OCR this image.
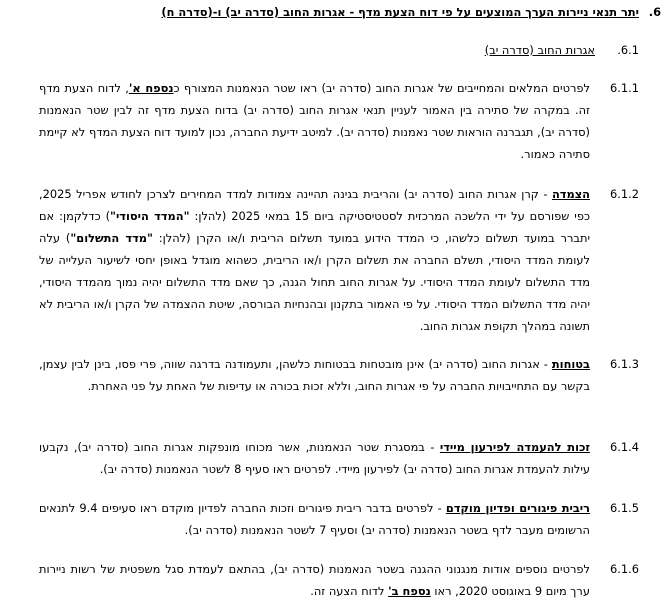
6.
יתר תנאי ניירות הערך המוצעים על פי דוח הצעת מדף - אגרות החוב (סדרה יב) ו-(סדרה ח)
6.1.
אגרות החוב (סדרה יב)
6.1.1
לפרטים המלאים והמחייבים של אגרות החוב (סדרה יב) ראו שטר הנאמנות המצורף כנספח א', לדוח הצעת מדף זה. במקרה של סתירה בין האמור לעניין תנאי אגרות החוב (סדרה יב) בדוח הצעת מדף זה לבין שטר הנאמנות (סדרה יב), תגברנה הוראות שטר נאמנות (סדרה יב). למיטב ידיעת החברה, נכון למועד דוח הצעת המדף לא קיימת סתירה כאמור.
6.1.2
הצמדה - קרן אגרות החוב (סדרה יב) והריבית בגינה תהיינה צמודות למדד המחירים לצרכן לחודש אפריל 2025, כפי שפורסם על ידי הלשכה המרכזית לסטטיסטיקה ביום 15 במאי 2025 (להלן: "המדד היסודי") כדלקמן: אם יתברר במועד תשלום כלשהו, כי המדד הידוע במועד תשלום הריבית ו/או הקרן (להלן: "מדד התשלום") עלה לעומת המדד היסודי, תשלם החברה את תשלום הקרן ו/או הריבית, כשהוא מוגדל באופן יחסי לשיעור העלייה של מדד התשלום לעומת המדד היסודי. על אגרות החוב תחול הגנה, כך שאם מדד התשלום יהיה נמוך מהמדד היסודי, יהיה מדד התשלום המדד היסודי. על פי האמור בתקנון ובהנחיות הבורסה, שיטת ההצמדה של הקרן ו/או הריבית לא תשונה במהלך תקופת אגרות החוב.
6.1.3
בטוחות - אגרות החוב (סדרה יב) אינן מובטחות בבטוחות כלשהן, ותעמודנה בדרגה שווה, פרי פסו, בינן לבין עצמן, בקשר עם התחייבויות החברה על פי אגרות החוב, וללא זכות בכורה או עדיפות של האחת על פני האחרת.
6.1.4
זכות להעמדה לפירעון מיידי - במסגרת שטר הנאמנות, אשר מכוחו מונפקות אגרות החוב (סדרה יב), נקבעו עילות להעמדת אגרות החוב (סדרה יב) לפירעון מיידי. לפרטים ראו סעיף 8 לשטר הנאמנות (סדרה יב).
6.1.5
ריבית פיגורים ופדיון מוקדם - לפרטים בדבר ריבית פיגורים וזכות החברה לפדיון מוקדם ראו סעיפים 9.4 לתנאים הרשומים מעבר לדף בשטר הנאמנות (סדרה יב) וסעיף 7 לשטר הנאמנות (סדרה יב).
6.1.6
לפרטים נוספים אודות מנגנוני ההגנה בשטר הנאמנות (סדרה יב), בהתאם לעמדת סגל משפטית של רשות ניירות ערך מיום 9 באוגוסט 2020, ראו נספח ב' לדוח הצעה זה.
